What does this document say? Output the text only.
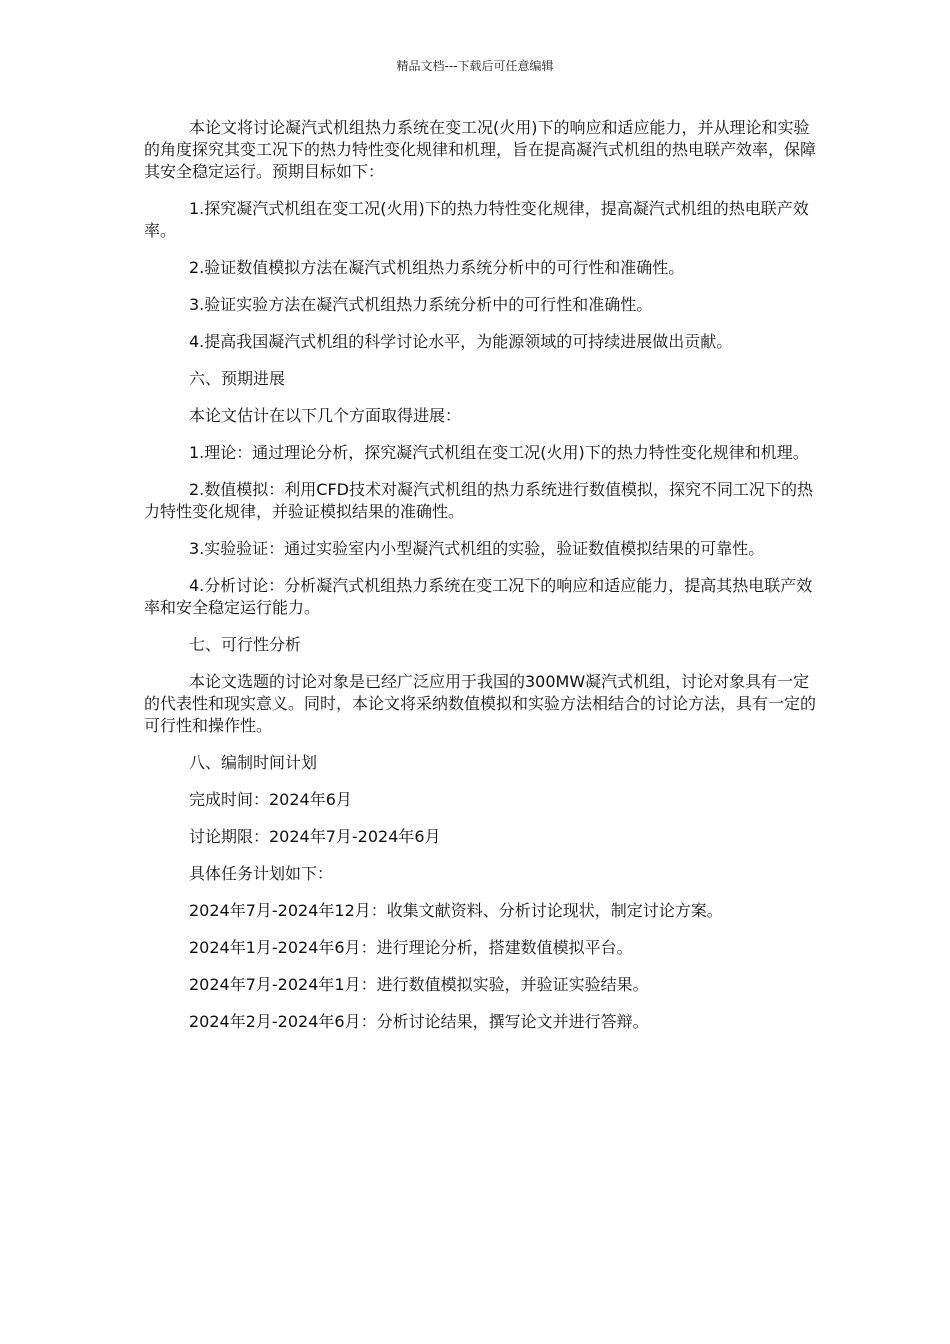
精品文档---下载后可任意编辑

本论文将讨论凝汽式机组热力系统在变工况(火用)下的响应和适应能力，并从理论和实验的角度探究其变工况下的热力特性变化规律和机理，旨在提高凝汽式机组的热电联产效率，保障其安全稳定运行。预期目标如下：

1.探究凝汽式机组在变工况(火用)下的热力特性变化规律，提高凝汽式机组的热电联产效率。

2.验证数值模拟方法在凝汽式机组热力系统分析中的可行性和准确性。

3.验证实验方法在凝汽式机组热力系统分析中的可行性和准确性。

4.提高我国凝汽式机组的科学讨论水平，为能源领域的可持续进展做出贡献。

六、预期进展

本论文估计在以下几个方面取得进展：

1.理论：通过理论分析，探究凝汽式机组在变工况(火用)下的热力特性变化规律和机理。

2.数值模拟：利用CFD技术对凝汽式机组的热力系统进行数值模拟，探究不同工况下的热力特性变化规律，并验证模拟结果的准确性。

3.实验验证：通过实验室内小型凝汽式机组的实验，验证数值模拟结果的可靠性。

4.分析讨论：分析凝汽式机组热力系统在变工况下的响应和适应能力，提高其热电联产效率和安全稳定运行能力。

七、可行性分析

本论文选题的讨论对象是已经广泛应用于我国的300MW凝汽式机组，讨论对象具有一定的代表性和现实意义。同时，本论文将采纳数值模拟和实验方法相结合的讨论方法，具有一定的可行性和操作性。

八、编制时间计划

完成时间：2024年6月

讨论期限：2024年7月-2024年6月

具体任务计划如下：

2024年7月-2024年12月：收集文献资料、分析讨论现状，制定讨论方案。

2024年1月-2024年6月：进行理论分析，搭建数值模拟平台。

2024年7月-2024年1月：进行数值模拟实验，并验证实验结果。

2024年2月-2024年6月：分析讨论结果，撰写论文并进行答辩。
